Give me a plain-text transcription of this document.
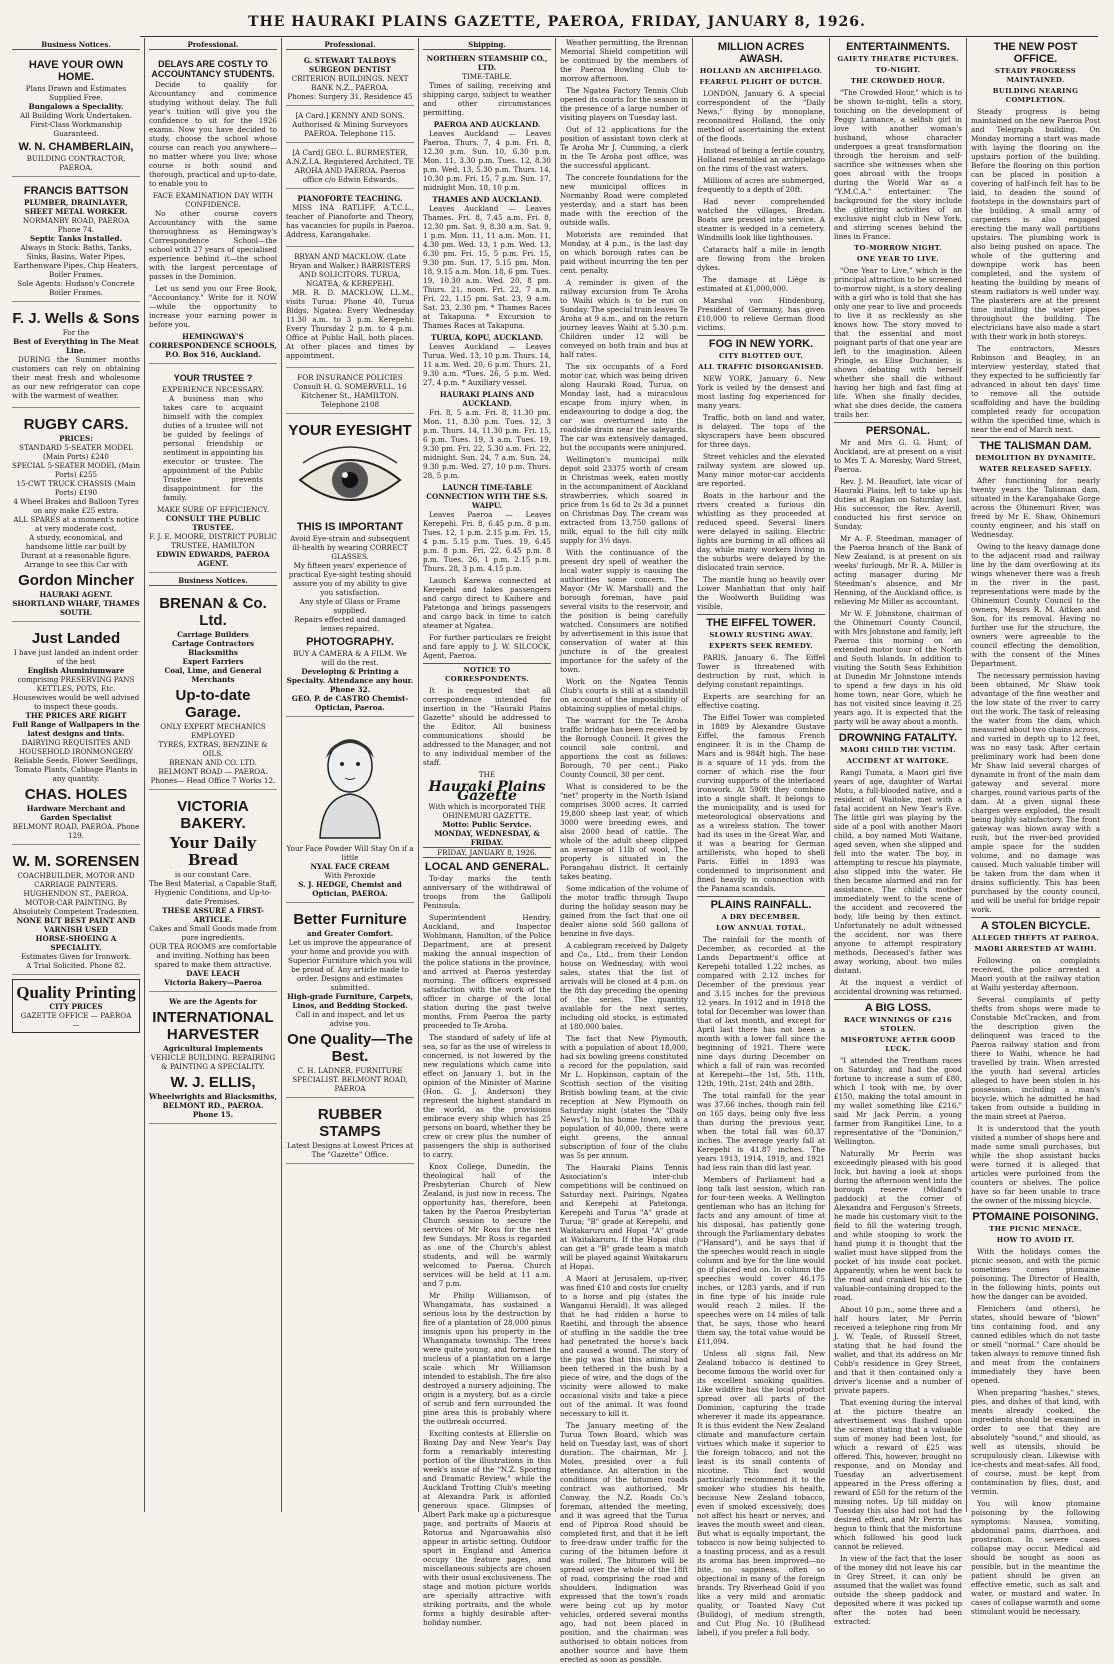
THE HAURAKI PLAINS GAZETTE, PAEROA, FRIDAY, JANUARY 8, 1926.
Business Notices.
HAVE YOUR OWN HOME.
Plans Drawn and Estimates Supplied Free.
Bungalows a Speciality.
All Building Work Undertaken.
First-Class Workmanship Guaranteed.
W. N. CHAMBERLAIN,
BUILDING CONTRACTOR, PAEROA.
FRANCIS BATTSON
PLUMBER, DRAINLAYER, SHEET METAL WORKER.
NORMANBY ROAD, PAEROA Phone 74.
Septic Tanks Installed.
Always in Stock: Baths, Tanks, Sinks, Basins, Water Pipes, Earthenware Pipes, Chip Heaters, Boiler Frames.
Sole Agents: Hudson's Concrete Boiler Frames.
F. J. Wells & Sons
For the
Best of Everything in The Meat Line.
DURING the Summer months customers can rely on obtaining their meat fresh and wholesome as our new refrigerator can cope with the warmest of weather.
RUGBY CARS.
PRICES:
STANDARD 5-SEATER MODEL (Main Ports) £240
SPECIAL 5-SEATER MODEL (Main Ports) £255
15-CWT TRUCK CHASSIS (Main Ports) £190
4 Wheel Brakes and Balloon Tyres on any make £25 extra.
ALL SPARES at a moment's notice at very moderate cost.
A sturdy, economical, and handsome little car built by Durant at a reasonable figure.
Arrange to see this Car with
Gordon Mincher
HAURAKI AGENT. SHORTLAND WHARF, THAMES SOUTH.
Just Landed
I have just landed an indent order of the best
English Aluminiumware
comprising PRESERVING PANS KETTLES, POTS, Etc.
Housewives would be well advised to inspect these goods.
THE PRICES ARE RIGHT
Full Range of Wallpapers in the latest designs and tints.
DAIRYING REQUISITES AND HOUSEHOLD IRONMONGERY
Reliable Seeds, Flower Seedlings, Tomato Plants, Cabbage Plants in any quantity.
CHAS. HOLES
Hardware Merchant and Garden Specialist
BELMONT ROAD, PAEROA. Phone 129.
W. M. SORENSEN
COACHBUILDER, MOTOR AND CARRIAGE PAINTERS. HUGHENDON ST., PAEROA.
MOTOR-CAR PAINTING. By Absolutely Competent Tradesmen.
NONE BUT BEST PAINT AND VARNISH USED
HORSE-SHOEING A SPECIALITY.
Estimates Given for Ironwork.
A Trial Solicited. Phone 82.
Quality Printing
CITY PRICES
GAZETTE OFFICE — PAEROA —
Professional.
DELAYS ARE COSTLY TO ACCOUNTANCY STUDENTS.
Decide to qualify for Accountancy and commence studying without delay. The full year's tuition will give you the confidence to sit for the 1926 exams. Now you have decided to study, choose the school whose course can reach you anywhere—no matter where you live; whose course is both sound and thorough, practical and up-to-date, to enable you to
FACE EXAMINATION DAY WITH CONFIDENCE.
No other course covers Accountancy with the same thoroughness as Hemingway's Correspondence School—the school with 27 years of specialised experience behind it—the school with the largest percentage of passes in the Dominion.
Let us send you our Free Book, "Accountancy." Write for it NOW —while the opportunity to increase your earning power is before you.
HEMINGWAY'S CORRESPONDENCE SCHOOLS, P.O. Box 516, Auckland.
YOUR TRUSTEE ?
EXPERIENCE NECESSARY.
A business man who takes care to acquaint himself with the complex duties of a trustee will not be guided by feelings of personal friendship or sentiment in appointing his executor or trustee. The appointment of the Public Trustee prevents disappointment for the family.
MAKE SURE OF EFFICIENCY.
CONSULT THE PUBLIC TRUSTEE.
F. J. E. MOORE, DISTRICT PUBLIC TRUSTEE, HAMILTON
EDWIN EDWARDS, PAEROA AGENT.
Business Notices.
BRENAN & Co. Ltd.
Carriage Builders
Cartage Contractors
Blacksmiths
Expert Farriers
Coal, Lime, and General Merchants
Up-to-date Garage.
ONLY EXPERT MECHANICS EMPLOYED
TYRES, EXTRAS, BENZINE & OILS.
BRENAN AND CO. LTD. BELMONT ROAD — PAEROA.
Phones— Head Office 7 Works 12.
VICTORIA BAKERY.
Your Daily Bread
is our constant Care.
The Best Material, a Capable Staff, Hygienic Conditions, and Up-to-date Premises.
THESE ASSURE A FIRST-ARTICLE.
Cakes and Small Goods made from pure ingredients.
OUR TEA ROOMS are comfortable and inviting. Nothing has been spared to make them attractive.
DAVE LEACH
Victoria Bakery—Paeroa
We are the Agents for
INTERNATIONAL HARVESTER
Agricultural Implements
VEHICLE BUILDING. REPAIRING & PAINTING A SPECIALITY.
W. J. ELLIS,
Wheelwrights and Blacksmiths,
BELMONT RD., PAEROA. Phone 15.
Professional.
G. STEWART TALBOYS SURGEON DENTIST
CRITERION BUILDINGS. NEXT BANK N.Z., PAEROA.
Phones: Surgery 31, Residence 45
[A Card.] KENNY AND SONS. Authorised & Mining Surveyors PAEROA. Telephone 115.
[A Card] GEO. L. BURMESTER, A.N.Z.I.A. Registered Architect. TE AROHA AND PAEROA. Paeroa office c/o Edwin Edwards.
PIANOFORTE TEACHING.
MISS INA RATLIFF, A.T.C.L., teacher of Pianoforte and Theory, has vacancies for pupils in Paeroa. Address, Karangahake.
BRYAN AND MACKLOW. (Late Bryan and Walker.) BARRISTERS AND SOLICITORS. TURUA, NGATEA, & KEREPEHI.
MR. R. D. MACKLOW, LL.M., visits Turua: Phone 40, Turua Bldgs. Ngatea: Every Wednesday 11.30 a.m. to 3 p.m. Kerepehi: Every Thursday 2 p.m. to 4 p.m. Office at Public Hall, both places. At other places and times by appointment.
FOR INSURANCE POLICIES Consult H. G. SOMERVELL. 16 Kitchener St., HAMILTON. Telephone 2108
YOUR EYESIGHT
THIS IS IMPORTANT
Avoid Eye-strain and subsequent ill-health by wearing CORRECT GLASSES.
My fifteen years' experience of practical Eye-sight testing should assure you of my ability to give you satisfaction.
Any style of Glass or Frame supplied.
Repairs effected and damaged lenses repaired.
PHOTOGRAPHY.
BUY A CAMERA & A FILM. We will do the rest.
Developing & Printing a Specialty. Attendance any hour. Phone 32.
GEO. P. de CASTRO Chemist-Optician, Paeroa.
Your Face Powder Will Stay On if a little
NYAL FACE CREAM
With Peroxide
S. J. HEDGE, Chemist and Optician, PAEROA.
Better Furniture
and Greater Comfort.
Let us improve the appearance of your home and provide you with Superior Furniture which you will be proud of. Any article made to order. Designs and estimates submitted.
High-grade Furniture, Carpets, Linos, and Bedding Stocked.
Call in and inspect, and let us advise you.
One Quality—The Best.
C. H. LADNER, FURNITURE SPECIALIST. BELMONT ROAD, PAEROA
RUBBER STAMPS
Latest Designs at Lowest Prices at The "Gazette" Office.
Shipping.
NORTHERN STEAMSHIP CO., LTD.
TIME-TABLE.
Times of sailing, receiving and shipping cargo, subject to weather and other circumstances permitting.
PAEROA AND AUCKLAND.
Leaves Auckland — Leaves Paeroa. Thurs. 7, 4 p.m. Fri. 8, 12.30 p.m. Sun. 10, 6.30 p.m. Mon. 11, 3.30 p.m. Tues. 12, 8.30 p.m. Wed. 13, 5.30 p.m. Thurs. 14, 10.30 p.m. Fri. 15, 7 p.m. Sun. 17, midnight Mon. 18, 10 p.m.
THAMES AND AUCKLAND.
Leaves Auckland — Leaves Thames. Fri. 8, 7.45 a.m. Fri. 8, 12.30 pm. Sat. 9, 8.30 a.m. Sat. 9, 1 p.m. Mon. 11, 11 a.m. Mon. 11, 4.30 pm. Wed. 13, 1 p.m. Wed. 13, 6.30 pm. Fri. 15, 5 p.m. Fri. 15, 9.30 pm. Sun. 17, 5.15 pm. Mon. 18, 9.15 a.m. Mon. 18, 6 pm. Tues. 19, 10.30 a.m. Wed. 20, 8 pm. Thurs. 21, noon. Fri. 22, 7 a.m. Fri. 22, 1.15 pm. Sat. 23, 9 a.m. Sat. 23, 2.30 pm. * Thames Races at Takapuna. * Excursion to Thames Races at Takapuna.
TURUA, KOPU, AUCKLAND.
Leaves Auckland — Leaves Turua. Wed. 13, 10 p.m. Thurs. 14, 11 a.m. Wed. 20, 6 p.m. Thurs. 21, 9.30 a.m. *Tues. 26, 5 p.m. Wed. 27, 4 p.m. * Auxiliary vessel.
HAURAKI PLAINS AND AUCKLAND.
Fri. 8, 5 a.m. Fri. 8, 11.30 pm. Mon. 11, 8.30 p.m. Tues. 12, 3 p.m. Thurs. 14, 11.30 p.m. Fri. 15, 6 p.m. Tues. 19, 3 a.m. Tues. 19, 9.30 pm. Fri. 22, 5.30 a.m. Fri. 22, midnight. Sun. 24, 7 a.m. Sun. 24, 9.30 p.m. Wed. 27, 10 p.m. Thurs. 28, 5 p.m.
LAUNCH TIME-TABLE CONNECTION WITH THE S.S. WAIPU.
Leaves Paeroa — Leaves Kerepehi. Fri. 8, 6.45 p.m. 8 p.m. Tues. 12, 1 p.m. 2.15 p.m. Fri. 15, 4 p.m. 5.15 p.m. Tues. 19, 6.45 p.m. 8 p.m. Fri. 22, 6.45 p.m. 8 p.m. Tues. 26, 1 p.m. 2.15 p.m. Thurs. 28, 3 p.m. 4.15 p.m.
Launch Karewa connected at Kerepehi and takes passengers and cargo direct to Kaihere and Patetonga and brings passengers and cargo back in time to catch steamer at Ngatea.
For further particulars re freight and fare apply to J. W. SILCOCK, Agent, Paeroa.
NOTICE TO CORRESPONDENTS.
It is requested that all correspondence intended for insertion in the "Hauraki Plains Gazette" should be addressed to the Editor. All business communications should be addressed to the Manager, and not to any individual member of the staff.
THE
Hauraki Plains Gazette
With which is incorporated THE OHINEMURI GAZETTE.
Motto: Public Service.
MONDAY, WEDNESDAY, & FRIDAY.
FRIDAY, JANUARY 8, 1926.
LOCAL AND GENERAL.
To-day marks the tenth anniversary of the withdrawal of troops from the Gallipoli Peninsula.
Superintendent Hendry, Auckland, and Inspector Wohlmann, Hamilton, of the Police Department, are at present making the annual inspection of the police stations in the province, and arrived at Paeroa yesterday morning. The officers expressed satisfaction with the work of the officer in charge of the local station during the past twelve months. From Paeroa the party proceeded to Te Aroha.
The standard of safety of life at sea, so far as the use of wireless is concerned, is not lowered by the new regulations which came into effect on January 1, but in the opinion of the Minister of Marine (Hon. G. J. Anderson) they represent the highest standard in the world, as the provisions embrace every ship which has 25 persons on board, whether they be crew or crew plus the number of passengers the ship is authorised to carry.
Knox College, Dunedin, the theological hall of the Presbyterian Church of New Zealand, is just now in recess. The opportunity has, therefore, been taken by the Paeroa Presbyterian Church session to secure the services of Mr Ross for the next few Sundays. Mr Ross is regarded as one of the Church's ablest students, and will be warmly welcomed to Paeroa. Church services will be held at 11 a.m. and 7 p.m.
Mr Philip Williamson, of Whangamata, has sustained a serious loss by the destruction by fire of a plantation of 28,000 pinus insignis upon his property in the Whangamata township. The trees were quite young, and formed the nucleus of a plantation on a large scale which Mr Williamson intended to establish. The fire also destroyed a nursery adjoining. The origin is a mystery, but as a circle of scrub and fern surrounded the pine area this is probably where the outbreak occurred.
Exciting contests at Ellerslie on Boxing Day and New Year's Day form a remarkably interesting portion of the illustrations in this week's issue of the "N.Z. Sporting and Dramatic Review," while the Auckland Trotting Club's meeting at Alexandra Park is afforded generous space. Glimpses of Albert Park make up a picturesque page, and portraits of Maoris at Rotorua and Ngaruawahia also appear in artistic setting. Outdoor sport in England and America occupy the feature pages, and miscellaneous subjects are chosen with their usual exclusiveness. The stage and motion picture worlds are specially attractive with striking portraits, and the whole forms a highly desirable after-holiday number.
Weather permitting, the Brennan Memorial Shield competition will be continued by the members of the Paeroa Bowling Club to-morrow afternoon.
The Ngatea Factory Tennis Club opened its courts for the season in the presence of a large number of visiting players on Tuesday last.
Out of 12 applications for the position of assistant town clerk at Te Aroha Mr J. Cumming, a clerk in the Te Aroha post office, was the successful applicant.
The concrete foundations for the new municipal offices in Normanby Road were completed yesterday, and a start has been made with the erection of the outside walls.
Motorists are reminded that Monday, at 4 p.m., is the last day on which borough rates can be paid without incurring the ten per cent. penalty.
A reminder is given of the railway excursion from Te Aroha to Waihi which is to be run on Sunday. The special train leaves Te Aroha at 9 a.m., and on the return journey leaves Waihi at 5.30 p.m. Children under 12 will be conveyed on both train and bus at half rates.
The six occupants of a Ford motor car, which was being driven along Hauraki Road, Turua, on Monday last, had a miraculous escape from injury when, in endeavouring to dodge a dog, the car was overturned into the roadside drain near the saleyards. The car was extensively damaged, but the occupants were uninjured.
Wellington's municipal milk depot sold 23375 worth of cream in Christmas week, eaten mostly in the accompaniment of Auckland strawberries, which soared in price from 1s 6d to 2s 3d a punnet on Christmas Day. The cream was extracted from 13,750 gallons of milk, equal to the full city milk supply for 3½ days.
With the continuance of the present dry spell of weather the local water supply is causing the authorities some concern. The Mayor (Mr W. Marshall) and the borough foreman, have paid several visits to the reservoir, and the position is being carefully watched. Consumers are notified by advertisement in this issue that conservation of water at this juncture is of the greatest importance for the safety of the town.
Work on the Ngatea Tennis Club's courts is still at a standstill on account of the impossibility of obtaining supplies of metal chips.
The warrant for the Te Aroha traffic bridge has been received by the Borough Council. It gives the council sole control, and apportions the cost as follows: Borough, 70 per cent.; Piako County Council, 30 per cent.
What is considered to be the "net" property in the North Island comprises 3000 acres. It carried 19,800 sheep last year, of which 3000 were breeding ewes, and also 2000 head of cattle. The whole of the adult sheep clipped an average of 11lb of wool. The property is situated in the Porangahau district. It certainly takes beating.
Some indication of the volume of the motor traffic through Taupo during the holiday season may be gained from the fact that one oil dealer alone sold 560 gallons of benzine in five days.
A cablegram received by Dalgety and Co., Ltd., from their London house on Wednesday, with wool sales, states that the list of arrivals will be closed at 4 p.m. on the 8th day preceding the opening of the series. The quantity available for the next series, including old stocks, is estimated at 180,000 bales.
The fact that New Plymouth, with a population of about 18,000, had six bowling greens constituted a record for the population, said Mr L. Hopkinson, captain of the Scottish section of the visiting British bowling team, at the civic reception at New Plymouth on Saturday night (states the "Daily News"). In his home town, with a population of 40,000, there were eight greens, the annual subscription of four of the clubs was 5s per annum.
The Hauraki Plains Tennis Association's inter-club competitions will be continued on Saturday next. Pairings, Ngatea and Kerepehi at Patetonga, Kerepehi and Turua "A" grade at Turua; "B" grade at Kerepehi, and Waitakaruru and Hopai "A" grade at Waitakaruru. If the Hopai club can get a "B" grade team a match will be played against Waitakaruru at Hopai.
A Maori at Jerusalem, up-river, was fined £10 and costs for cruelty to a horse and pig (states the Wanganui Herald). It was alleged that he had ridden a horse to Raetihi, and through the absence of stuffing in the saddle the tree had penetrated the horse's back and caused a wound. The story of the pig was that this animal had been tethered in the bush by a piece of wire, and the dogs of the vicinity were allowed to make occasional visits and take a piece out of the animal. It was found necessary to kill it.
The January meeting of the Turua Town Board, which was held on Tuesday last, was of short duration. The chairman, Mr J. Moles, presided over a full attendance. An alteration in the conditions of the bitumen roads contract was authorised. Mr Conway, the N.Z. Roads Co.'s foreman, attended the meeting, and it was agreed that the Turua end of Pipiroa Road should be completed first, and that it be left to free-draw under traffic for the curing of the bitumen before it was rolled. The bitumen will be spread over the whole of the 18ft of road, comprising the road and shoulders. Indignation was expressed that the town's roads were being cut up by motor vehicles, ordered several months ago, had not been placed in position, and the chairman was authorised to obtain notices from another source and have them erected as soon as possible.
MILLION ACRES AWASH.
HOLLAND AN ARCHIPELAGO.
FEARFUL PLIGHT OF DUTCH.
LONDON, January 6. A special correspondent of the "Daily News," flying by monoplane, reconnoitred Holland, the only method of ascertaining the extent of the floods.
Instead of being a fertile country, Holland resembled an archipelago on the rims of the vast waters.
Millions of acres are submerged, frequently to a depth of 20ft.
Had never comprehended watched the villages, Bredan. Boats are pressed into service. A steamer is wedged in a cemetery. Windmills look like lighthouses.
Cataracts half a mile in length are flowing from the broken dykes.
The damage at Liège is estimated at £1,000,000.
Marshal von Hindenburg, President of Germany, has given £10,000 to relieve German flood victims.
FOG IN NEW YORK.
CITY BLOTTED OUT.
ALL TRAFFIC DISORGANISED.
NEW YORK, January 6. New York is veiled by the densest and most lasting fog experienced for many years.
Traffic, both on land and water, is delayed. The tops of the skyscrapers have been obscured for three days.
Street vehicles and the elevated railway system are slowed up. Many minor motor-car accidents are reported.
Boats in the harbour and the rivers created a furious din whistling as they proceeded at reduced speed. Several liners were delayed in sailing. Electric lights are burning in all offices all day, while many workers living in the suburbs were delayed by the dislocated train service.
The mantle hung so heavily over Lower Manhattan that only half the Woolworth Building was visible.
THE EIFFEL TOWER.
SLOWLY RUSTING AWAY.
EXPERTS SEEK REMEDY.
PARIS, January 6. The Eiffel Tower is threatened with destruction by rust, which is defying constant repaintings.
Experts are searching for an effective coating.
The Eiffel Tower was completed in 1889 by Alexandre Gustave Eiffel, the famous French engineer. It is in the Champ de Mars and is 984ft high. The base is a square of 11 yds. from the corner of which rise the four curving supports of the interlaced ironwork. At 590ft they combine into a single shaft. It belongs to the municipality, and is used for meteorological observations and as a wireless station. The tower had its uses in the Great War, and it was a bearing for German artillerists, who hoped to shell Paris. Eiffel in 1893 was condemned to imprisonment and fined heavily in connection with the Panama scandals.
PLAINS RAINFALL.
A DRY DECEMBER.
LOW ANNUAL TOTAL.
The rainfall for the month of December, as recorded at the Lands Department's office at Kerepehi totalled 1.22 inches, as compared with 2.12 inches for December of the previous year and 3.15 inches for the previous 12 years. In 1912 and in 1918 the total for December was lower than that of last month, and except for April last there has not been a month with a lower fall since the beginning of 1921. There were nine days during December on which a fall of rain was recorded at Kerepehi—the 1st, 5th, 11th, 12th, 19th, 21st, 24th and 28th.
The total rainfall for the year was 37.66 inches, though rain fell on 165 days, being only five less than during the previous year, when the total fall was 60.37 inches. The average yearly fall at Kerepehi is 41.87 inches. The years 1913, 1914, 1919, and 1921 had less rain than did last year.
Members of Parliament had a long talk last session, which ran for four-teen weeks. A Wellington gentleman who has an itching for facts and any amount of time at his disposal, has patiently gone through the Parliamentary debates ("Hansard"), and he says that if the speeches would reach in single column and bye for the line would go if placed end on. In column the speeches would cover 46,175 inches, or 1283 yards, and if run in fine type of his inside rule would reach 2 miles. If the speeches were on 14 miles of talk that, he says, those who heard them say, the total value would be £11,094.
Unless all signs fail, New Zealand tobacco is destined to become famous the world over for its excellent smoking qualities. Like wildfire has the local product spread over all parts of the Dominion, capturing the trade wherever it made its appearance. It is thus evident the New Zealand climate and manufacture certain virtues which make it superior to the foreign tobacco, and not the least is its small contents of nicotine. This fact would particularly recommend it to the smoker who studies his health, because New Zealand tobacco, even if smoked excessively, does not affect his heart or nerves, and leaves the mouth sweet and clean. But what is equally important, the tobacco is now being subjected to a toasting process, and as a result its aroma has been improved—no bite, no sappiness, often so objectional in many of the foreign brands. Try Riverhead Gold if you like a very mild and aromatic quality, or Toasted Navy Cut (Bulldog), of medium strength, and Cut Plug No. 10 (Bullhead label), if you prefer a full body.
ENTERTAINMENTS.
GAIETY THEATRE PICTURES.
TO-NIGHT.
THE CROWDED HOUR.
"The Crowded Hour," which is to be shown to-night, tells a story, touching on the development of Peggy Lamance, a selfish girl in love with another woman's husband, whose character undergoes a great transformation through the heroism and self-sacrifice she witnesses when she goes abroad with the troops during the World War as a "Y.M.C.A." entertainer. The background for the story include the glittering activities of an exclusive night club in New York, and stirring scenes behind the lines in France.
TO-MORROW NIGHT.
ONE YEAR TO LIVE.
"One Year to Live," which is the principal attraction to be screened to-morrow night, is a story dealing with a girl who is told that she has only one year to live and proceeds to live it as recklessly as she knows how. The story moved to that the essential and most poignant parts of that one year are left to the imagination. Aileen Pringle, as Elise Duchanier, is shown debating with herself whether she shall die without having her high and fast fling at life. When she finally decides, what she does decide, the camera trails her.
PERSONAL.
Mr and Mrs G. G. Hunt, of Auckland, are at present on a visit to Mrs T. A. Moresby, Ward Street, Paeroa.
Rev. J. M. Beaufort, late vicar of Hauraki Plains, left to take up his duties at Raglan on Saturday last. His successor, the Rev. Averill, conducted his first service on Sunday.
Mr A. F. Steedman, manager of the Paeroa branch of the Bank of New Zealand, is at present on six weeks' furlough. Mr R. A. Miller is acting manager during Mr Steedman's absence, and Mr Henning, of the Auckland office, is relieving Mr Miller as accountant.
Mr W. F. Johnstone, chairman of the Ohinemuri County Council, with Mrs Johnstone and family, left Paeroa this morning on an extended motor tour of the North and South Islands. In addition to visiting the South Seas Exhibition at Dunedin Mr Johnstone intends to spend a few days in his old home town, near Gore, which he has not visited since leaving it 25 years ago. It is expected that the party will be away about a month.
DROWNING FATALITY.
MAORI CHILD THE VICTIM.
ACCIDENT AT WAITOKE.
Rangi Tumata, a Maori girl five years of age, daughter of Wartai Motu, a full-blooded native, and a resident of Waitoke, met with a fatal accident on New Year's Eve. The little girl was playing by the side of a pool with another Maori child, a boy named Moti Waitane, aged seven, when she slipped and fell into the water. The boy, in attempting to rescue his playmate, also slipped into the water. He then became alarmed and ran for assistance. The child's mother immediately went to the scene of the accident and recovered the body, life being by then extinct. Unfortunately no adult witnessed the accident, nor was there anyone to attempt respiratory methods. Deceased's father was away working, about two miles distant.
At the inquest a verdict of accidental drowning was returned.
A BIG LOSS.
RACE WINNINGS OF £216 STOLEN.
MISFORTUNE AFTER GOOD LUCK.
"I attended the Trentham races on Saturday, and had the good fortune to increase a sum of £80, which I took with me, by over £150, making the total amount in my wallet something like £216," said Mr Jack Perrin, a young farmer from Rangitikei Line, to a representative of the "Dominion," Wellington.
Naturally Mr Perrin was exceedingly pleased with his good luck, but having a look at shops during the afternoon went into the borough reserve (Midland's paddock) at the corner of Alexandra and Ferguson's Streets, he made his customary visit to the field to fill the watering trough, and while stooping to work the hand pump it is thought that the wallet must have slipped from the pocket of his inside coat pocket. Apparently, when he went back to the road and cranked his car, the valuable-containing dropped to the road.
About 10 p.m., some three and a half hours later, Mr Perrin received a telephone ring from Mr J. W. Teale, of Russell Street, stating that he had found the wallet, and that its address on Mr Cobb's residence in Grey Street, and that it then contained only a driver's license and a number of private papers.
That evening during the interval at the picture theatre an advertisement was flashed upon the screen stating that a valuable sum of money had been lost, for which a reward of £25 was offered. This, however, brought no response, and on Monday and Tuesday an advertisement appeared in the Press offering a reward of £50 for the return of the missing notes. Up till midday on Tuesday this also had not had the desired effect, and Mr Perrin has begun to think that the misfortune which followed his good luck cannot be relieved.
In view of the fact that the loser of the money did not leave his car in Grey Street, it can only be assumed that the wallet was found outside the sheep paddock and deposited where it was picked up after the notes had been extracted.
THE NEW POST OFFICE.
STEADY PROGRESS MAINTAINED.
BUILDING NEARING COMPLETION.
Steady progress is being maintained on the new Paeroa Post and Telegraph building. On Monday morning a start was made with laying the flooring on the upstairs portion of the building. Before the flooring on this portion can be placed in position a covering of half-inch felt has to be laid, to deaden the sound of footsteps in the downstairs part of the building. A small army of carpenters is also engaged erecting the many wall partitions upstairs. The plumbing work is also being pushed on apace. The whole of the guttering and downpipe work has been completed, and the system of heating the building by means of steam radiators is well under way. The plasterers are at the present time installing the water pipes throughout the building. The electricians have also made a start with their work in both storeys.
The contractors, Messrs Robinson and Beagley, in an interview yesterday, stated that they expected to be sufficiently far advanced in about ten days' time to remove all the outside scaffolding and have the building completed ready for occupation within the specified time, which is near the end of March next.
THE TALISMAN DAM.
DEMOLITION BY DYNAMITE.
WATER RELEASED SAFELY.
After functioning for nearly twenty years the Talisman dam, situated in the Karangahake Gorge across the Ohinemuri River, was freed by Mr E. Shaw, Ohinemuri county engineer, and his staff on Wednesday.
Owing to the heavy damage done to the adjacent road and railway line by the dam overflowing at its wings whenever there was a fresh in the river in the past, representations were made by the Ohinemuri County Council to the owners, Messrs R. M. Aitken and Son, for its removal. Having no further use for the structure, the owners were agreeable to the council effecting the demolition, with the consent of the Mines Department.
The necessary permission having been obtained, Mr Shaw took advantage of the fine weather and the low state of the river to carry out the work. The task of releasing the water from the dam, which measured about two chains across, and varied in depth up to 12 feet, was no easy task. After certain preliminary work had been done Mr Shaw laid several charges of dynamite in front of the main dam gateway and several more charges, round various parts of the dam. At a given signal these charges were exploded, the result being highly satisfactory. The front gateway was blown away with a rush, but the river-bed provided ample space for the sudden volume, and no damage was caused. Much valuable timber will be taken from the dam when it drains sufficiently. This has been purchased by the county council, and will be useful for bridge repair work.
A STOLEN BICYCLE.
ALLEGED THEFTS AT PAEROA.
MAORI ARRESTED AT WAIHI.
Following on complaints received, the police arrested a Maori youth at the railway station at Waihi yesterday afternoon.
Several complaints of petty thefts from shops were made to Constable McCracken, and from the description given the delinquent was traced to the Paeroa railway station and from there to Waihi, whence he had travelled by train. When arrested the youth had several articles alleged to have been stolen in his possession, including a man's bicycle, which he admitted he had taken from outside a building in the main street at Paeroa.
It is understood that the youth visited a number of shops here and made some small purchases, but while the shop assistant backs were turned it is alleged that articles were purloined from the counters or shelves. The police have so far been unable to trace the owner of the missing bicycle.
PTOMAINE POISONING.
THE PICNIC MENACE.
HOW TO AVOID IT.
With the holidays comes the picnic season, and with the picnic sometimes comes ptomaine poisoning. The Director of Health, in the following hints, points out how the danger can be avoided.
Flenichers (and others), he states, should beware of "blown" tins containing food, and any canned edibles which do not taste or smell "normal." Care should be taken always to remove tinned fish and meat from the containers immediately they have been opened.
When preparing "hashes," stews, pies, and dishes of that kind, with meats already cooked, the ingredients should be examined in order to see that they are absolutely "sound," and should, as well as utensils, should be scrupulously clean. Likewise with ice-chests and meat-safes. All food, of course, must be kept from contamination by flies, dust, and vermin.
You will know ptomaine poisoning by the following symptoms: Nausea, vomiting, abdominal pains, diarrhoea, and prostration. In severe cases collapse may occur. Medical aid should be sought as soon as possible, but in the meantime the patient should be given an effective emetic, such as salt and water, or mustard and water. In cases of collapse warmth and some stimulant would be necessary.
